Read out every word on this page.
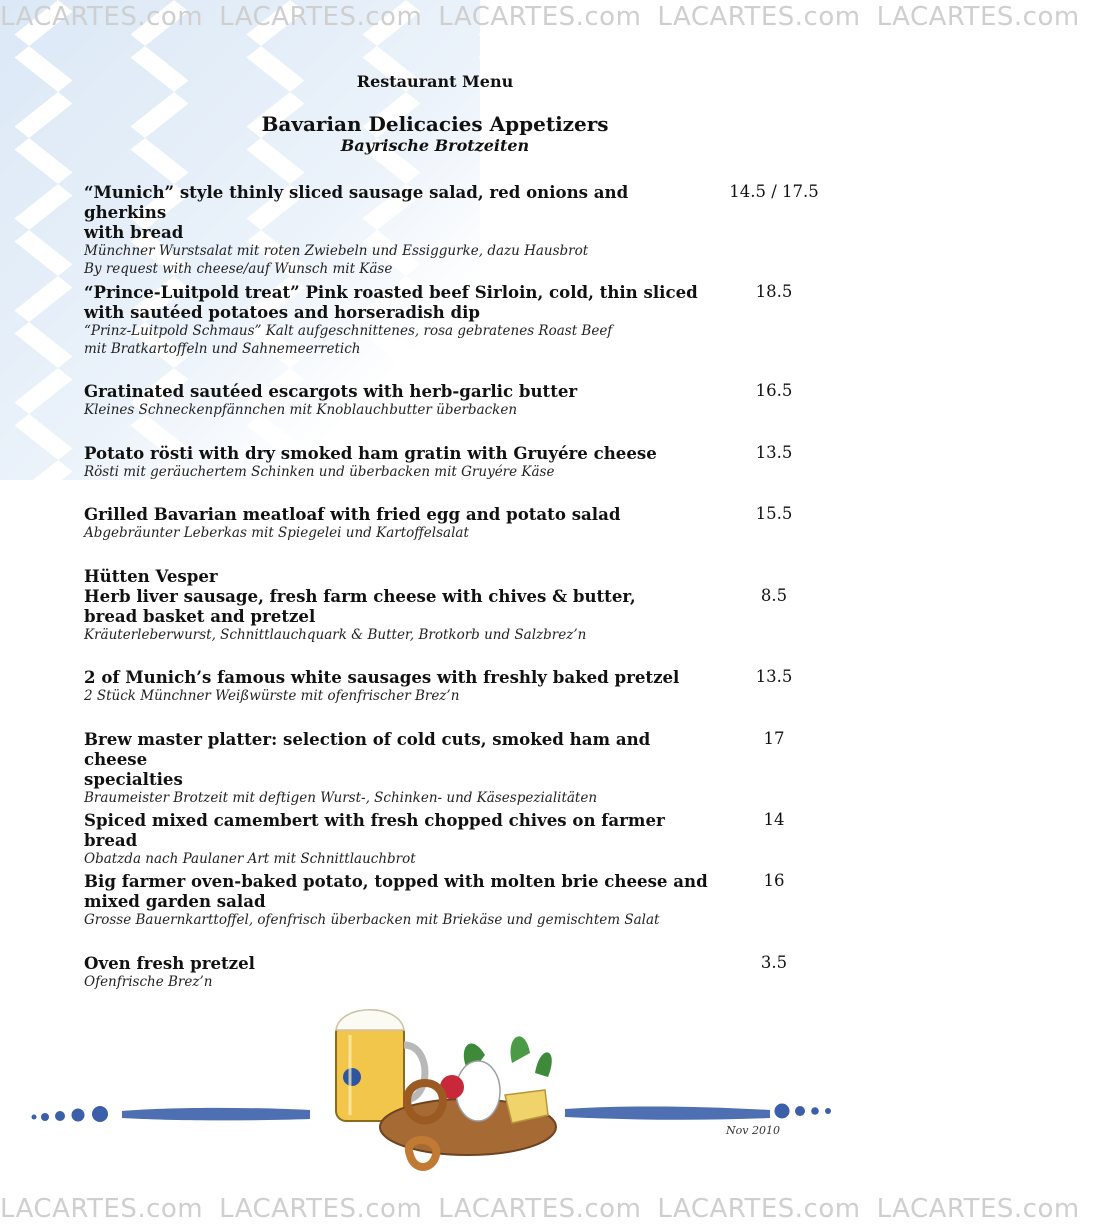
LACARTES.com LACARTES.com LACARTES.com LACARTES.com LACARTES.com
Restaurant Menu
Bavarian Delicacies Appetizers
Bayrische Brotzeiten
“Munich” style thinly sliced sausage salad, red onions and gherkins
with bread
Münchner Wurstsalat mit roten Zwiebeln und Essiggurke, dazu Hausbrot
By request with cheese/auf Wunsch mit Käse
14.5 / 17.5
“Prince-Luitpold treat” Pink roasted beef Sirloin, cold, thin sliced
with sautéed potatoes and horseradish dip
“Prinz-Luitpold Schmaus” Kalt aufgeschnittenes, rosa gebratenes Roast Beef
mit Bratkartoffeln und Sahnemeerretich
18.5
Gratinated sautéed escargots with herb-garlic butter
Kleines Schneckenpfännchen mit Knoblauchbutter überbacken
16.5
Potato rösti with dry smoked ham gratin with Gruyére cheese
Rösti mit geräuchertem Schinken und überbacken mit Gruyére Käse
13.5
Grilled Bavarian meatloaf with fried egg and potato salad
Abgebräunter Leberkas mit Spiegelei und Kartoffelsalat
15.5
Hütten Vesper
Herb liver sausage, fresh farm cheese with chives & butter,
bread basket and pretzel
Kräuterleberwurst, Schnittlauchquark & Butter, Brotkorb und Salzbrez’n
8.5
2 of Munich’s famous white sausages with freshly baked pretzel
2 Stück Münchner Weißwürste mit ofenfrischer Brez’n
13.5
Brew master platter: selection of cold cuts, smoked ham and cheese
specialties
Braumeister Brotzeit mit deftigen Wurst-, Schinken- und Käsespezialitäten
17
Spiced mixed camembert with fresh chopped chives on farmer bread
Obatzda nach Paulaner Art mit Schnittlauchbrot
14
Big farmer oven-baked potato, topped with molten brie cheese and
mixed garden salad
Grosse Bauernkarttoffel, ofenfrisch überbacken mit Briekäse und gemischtem Salat
16
Oven fresh pretzel
Ofenfrische Brez’n
3.5
Nov 2010
LACARTES.com LACARTES.com LACARTES.com LACARTES.com LACARTES.com
